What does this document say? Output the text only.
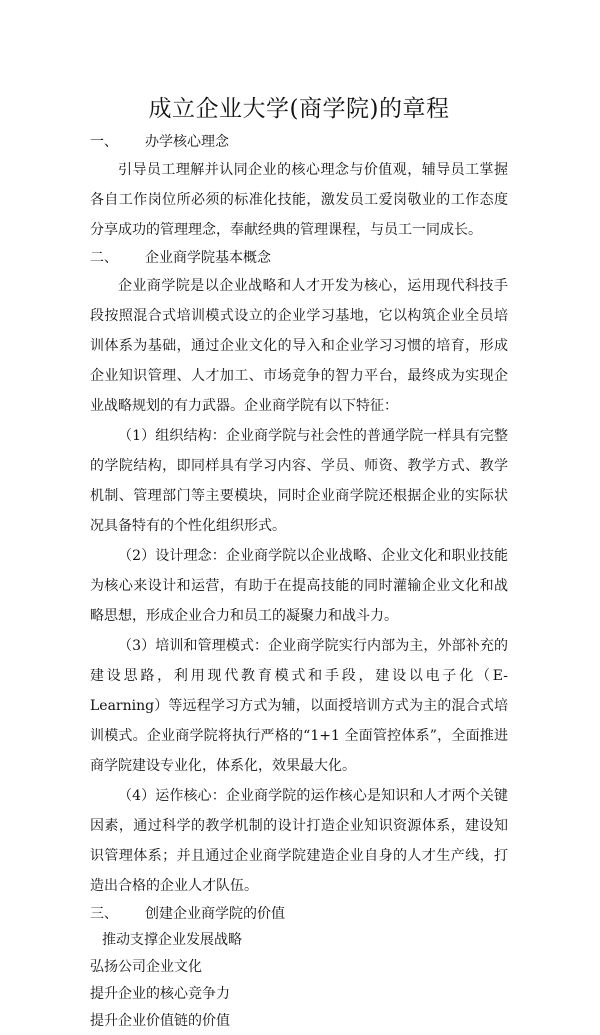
成立企业大学(商学院)的章程
一、 办学核心理念

引导员工理解并认同企业的核心理念与价值观，辅导员工掌握各自工作岗位所必须的标准化技能，激发员工爱岗敬业的工作态度分享成功的管理理念，奉献经典的管理课程，与员工一同成长。

二、 企业商学院基本概念

企业商学院是以企业战略和人才开发为核心，运用现代科技手段按照混合式培训模式设立的企业学习基地，它以构筑企业全员培训体系为基础，通过企业文化的导入和企业学习习惯的培育，形成企业知识管理、人才加工、市场竞争的智力平台，最终成为实现企业战略规划的有力武器。企业商学院有以下特征：

（1）组织结构：企业商学院与社会性的普通学院一样具有完整的学院结构，即同样具有学习内容、学员、师资、教学方式、教学机制、管理部门等主要模块，同时企业商学院还根据企业的实际状况具备特有的个性化组织形式。

（2）设计理念：企业商学院以企业战略、企业文化和职业技能为核心来设计和运营，有助于在提高技能的同时灌输企业文化和战略思想，形成企业合力和员工的凝聚力和战斗力。

（3）培训和管理模式：企业商学院实行内部为主，外部补充的建设思路，利用现代教育模式和手段，建设以电子化（E-Learning）等远程学习方式为辅，以面授培训方式为主的混合式培训模式。企业商学院将执行严格的“1+1 全面管控体系”，全面推进商学院建设专业化，体系化，效果最大化。

（4）运作核心：企业商学院的运作核心是知识和人才两个关键因素，通过科学的教学机制的设计打造企业知识资源体系，建设知识管理体系；并且通过企业商学院建造企业自身的人才生产线，打造出合格的企业人才队伍。

三、 创建企业商学院的价值

推动支撑企业发展战略

弘扬公司企业文化

提升企业的核心竞争力

提升企业价值链的价值
